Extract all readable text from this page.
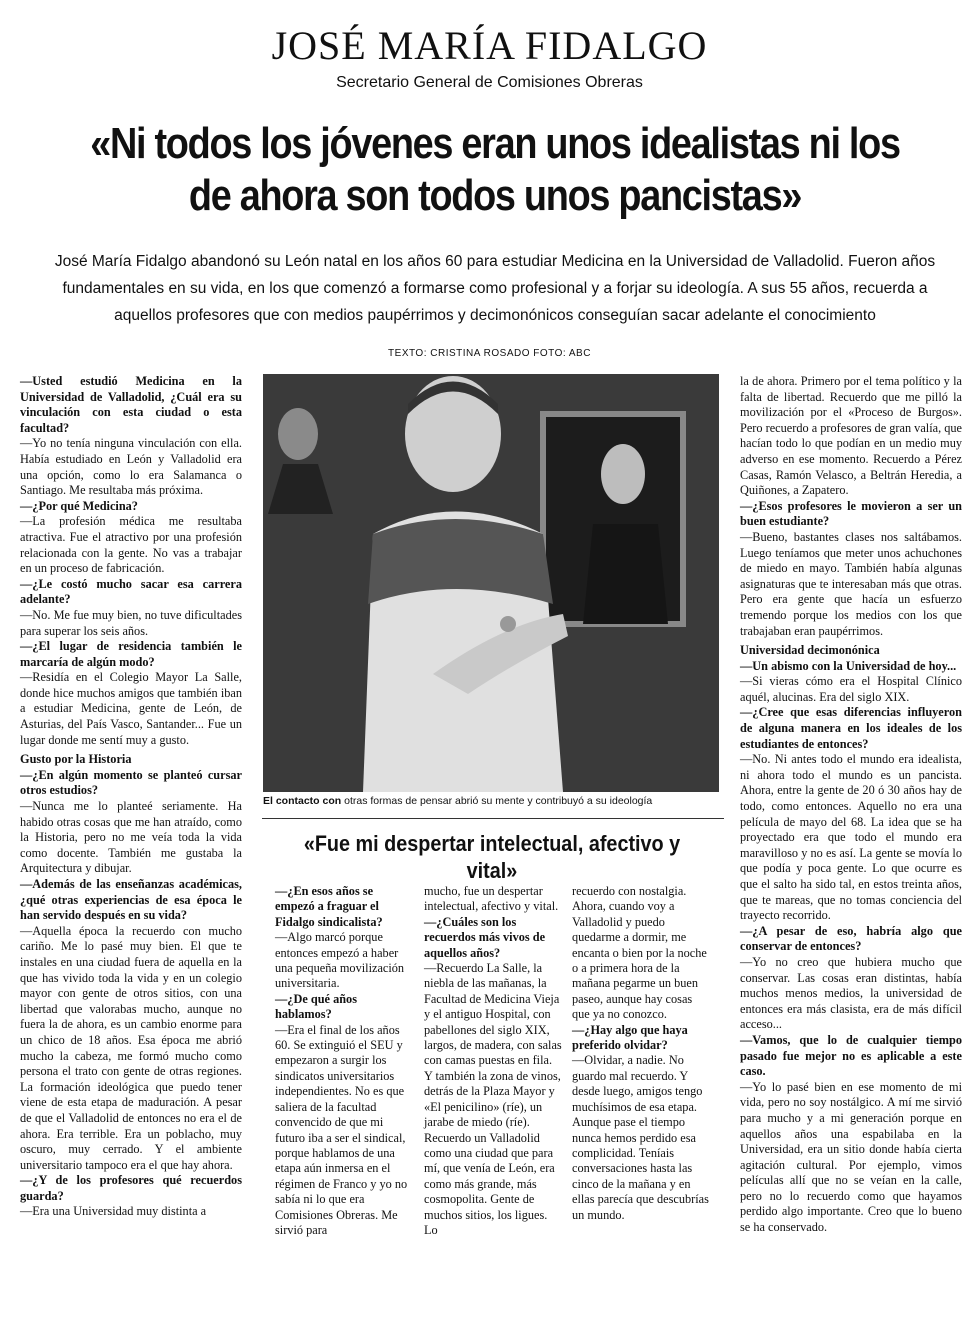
JOSÉ MARÍA FIDALGO
Secretario General de Comisiones Obreras
«Ni todos los jóvenes eran unos idealistas ni los de ahora son todos unos pancistas»
José María Fidalgo abandonó su León natal en los años 60 para estudiar Medicina en la Universidad de Valladolid. Fueron años fundamentales en su vida, en los que comenzó a formarse como profesional y a forjar su ideología. A sus 55 años, recuerda a aquellos profesores que con medios paupérrimos y decimonónicos conseguían sacar adelante el conocimiento
TEXTO: CRISTINA ROSADO FOTO: ABC

—Usted estudió Medicina en la Universidad de Valladolid, ¿Cuál era su vinculación con esta ciudad o esta facultad?

—Yo no tenía ninguna vinculación con ella. Había estudiado en León y Valladolid era una opción, como lo era Salamanca o Santiago. Me resultaba más próxima.

—¿Por qué Medicina?

—La profesión médica me resultaba atractiva. Fue el atractivo por una profesión relacionada con la gente. No vas a trabajar en un proceso de fabricación.

—¿Le costó mucho sacar esa carrera adelante?

—No. Me fue muy bien, no tuve dificultades para superar los seis años.

—¿El lugar de residencia también le marcaría de algún modo?

—Residía en el Colegio Mayor La Salle, donde hice muchos amigos que también iban a estudiar Medicina, gente de León, de Asturias, del País Vasco, Santander... Fue un lugar donde me sentí muy a gusto.

Gusto por la Historia

—¿En algún momento se planteó cursar otros estudios?

—Nunca me lo planteé seriamente. Ha habido otras cosas que me han atraído, como la Historia, pero no me veía toda la vida como docente. También me gustaba la Arquitectura y dibujar.

—Además de las enseñanzas académicas, ¿qué otras experiencias de esa época le han servido después en su vida?

—Aquella época la recuerdo con mucho cariño. Me lo pasé muy bien. El que te instales en una ciudad fuera de aquella en la que has vivido toda la vida y en un colegio mayor con gente de otros sitios, con una libertad que valorabas mucho, aunque no fuera la de ahora, es un cambio enorme para un chico de 18 años. Esa época me abrió mucho la cabeza, me formó mucho como persona el trato con gente de otras regiones. La formación ideológica que puedo tener viene de esta etapa de maduración. A pesar de que el Valladolid de entonces no era el de ahora. Era terrible. Era un poblacho, muy oscuro, muy cerrado. Y el ambiente universitario tampoco era el que hay ahora.

—¿Y de los profesores qué recuerdos guarda?

—Era una Universidad muy distinta a

El contacto con otras formas de pensar abrió su mente y contribuyó a su ideología
«Fue mi despertar intelectual, afectivo y vital»

—¿En esos años se empezó a fraguar el Fidalgo sindicalista?

—Algo marcó porque entonces empezó a haber una pequeña movilización universitaria.

—¿De qué años hablamos?

—Era el final de los años 60. Se extinguió el SEU y empezaron a surgir los sindicatos universitarios independientes. No es que saliera de la facultad convencido de que mi futuro iba a ser el sindical, porque hablamos de una etapa aún inmersa en el régimen de Franco y yo no sabía ni lo que era Comisiones Obreras. Me sirvió para

mucho, fue un despertar intelectual, afectivo y vital.

—¿Cuáles son los recuerdos más vivos de aquellos años?

—Recuerdo La Salle, la niebla de las mañanas, la Facultad de Medicina Vieja y el antiguo Hospital, con pabellones del siglo XIX, largos, de madera, con salas con camas puestas en fila. Y también la zona de vinos, detrás de la Plaza Mayor y «El penicilino» (ríe), un jarabe de miedo (ríe). Recuerdo un Valladolid como una ciudad que para mí, que venía de León, era como más grande, más cosmopolita. Gente de muchos sitios, los ligues. Lo

recuerdo con nostalgia. Ahora, cuando voy a Valladolid y puedo quedarme a dormir, me encanta o bien por la noche o a primera hora de la mañana pegarme un buen paseo, aunque hay cosas que ya no conozco.

—¿Hay algo que haya preferido olvidar?

—Olvidar, a nadie. No guardo mal recuerdo. Y desde luego, amigos tengo muchísimos de esa etapa. Aunque pase el tiempo nunca hemos perdido esa complicidad. Teníais conversaciones hasta las cinco de la mañana y en ellas parecía que descubrías un mundo.

la de ahora. Primero por el tema político y la falta de libertad. Recuerdo que me pilló la movilización por el «Proceso de Burgos». Pero recuerdo a profesores de gran valía, que hacían todo lo que podían en un medio muy adverso en ese momento. Recuerdo a Pérez Casas, Ramón Velasco, a Beltrán Heredia, a Quiñones, a Zapatero.

—¿Esos profesores le movieron a ser un buen estudiante?

—Bueno, bastantes clases nos saltábamos. Luego teníamos que meter unos achuchones de miedo en mayo. También había algunas asignaturas que te interesaban más que otras. Pero era gente que hacía un esfuerzo tremendo porque los medios con los que trabajaban eran paupérrimos.

Universidad decimonónica

—Un abismo con la Universidad de hoy...

—Si vieras cómo era el Hospital Clínico aquél, alucinas. Era del siglo XIX.

—¿Cree que esas diferencias influyeron de alguna manera en los ideales de los estudiantes de entonces?

—No. Ni antes todo el mundo era idealista, ni ahora todo el mundo es un pancista. Ahora, entre la gente de 20 ó 30 años hay de todo, como entonces. Aquello no era una película de mayo del 68. La idea que se ha proyectado era que todo el mundo era maravilloso y no es así. La gente se movía lo que podía y poca gente. Lo que ocurre es que el salto ha sido tal, en estos treinta años, que te mareas, que no tomas conciencia del trayecto recorrido.

—¿A pesar de eso, habría algo que conservar de entonces?

—Yo no creo que hubiera mucho que conservar. Las cosas eran distintas, había muchos menos medios, la universidad de entonces era más clasista, era de más difícil acceso...

—Vamos, que lo de cualquier tiempo pasado fue mejor no es aplicable a este caso.

—Yo lo pasé bien en ese momento de mi vida, pero no soy nostálgico. A mí me sirvió para mucho y a mi generación porque en aquellos años una espabilaba en la Universidad, era un sitio donde había cierta agitación cultural. Por ejemplo, vimos películas allí que no se veían en la calle, pero no lo recuerdo como que hayamos perdido algo importante. Creo que lo bueno se ha conservado.
